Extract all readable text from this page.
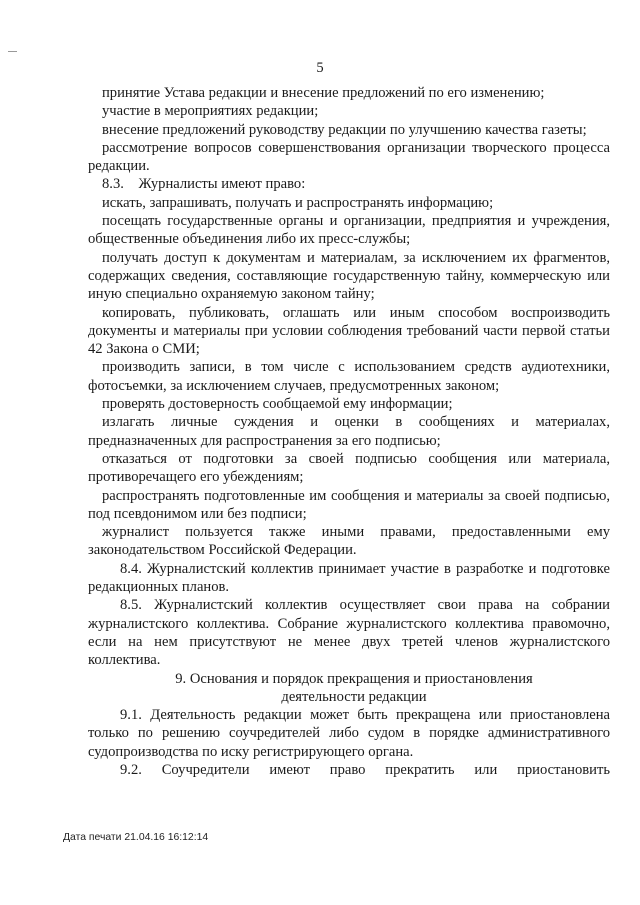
5

принятие Устава редакции и внесение предложений по его изменению;

участие в мероприятиях редакции;

внесение предложений руководству редакции по улучшению качества газеты;

рассмотрение вопросов совершенствования организации творческого процесса редакции.

8.3.    Журналисты имеют право:

искать, запрашивать, получать и распространять информацию;

посещать государственные органы и организации, предприятия и учреждения, общественные объединения либо их пресс-службы;

получать доступ к документам и материалам, за исключением их фрагментов, содержащих сведения, составляющие государственную тайну, коммерческую или иную специально охраняемую законом тайну;

копировать, публиковать, оглашать или иным способом воспроизводить документы и материалы при условии соблюдения требований части первой статьи 42 Закона о СМИ;

производить записи, в том числе с использованием средств аудиотехники, фотосъемки, за исключением случаев, предусмотренных законом;

проверять достоверность сообщаемой ему информации;

излагать личные суждения и оценки в сообщениях и материалах, предназначенных для распространения за его подписью;

отказаться от подготовки за своей подписью сообщения или материала, противоречащего его убеждениям;

распространять подготовленные им сообщения и материалы за своей подписью, под псевдонимом или без подписи;

журналист пользуется также иными правами, предоставленными ему законодательством Российской Федерации.

8.4. Журналистский коллектив принимает участие в разработке и подготовке редакционных планов.

8.5. Журналистский коллектив осуществляет свои права на собрании журналистского коллектива. Собрание журналистского коллектива правомочно, если на нем присутствуют не менее двух третей членов журналистского коллектива.

9. Основания и порядок прекращения и приостановления
деятельности редакции

9.1. Деятельность редакции может быть прекращена или приостановлена только по решению соучредителей либо судом в порядке административного судопроизводства по иску регистрирующего органа.

9.2. Соучредители имеют право прекратить или приостановить

Дата печати 21.04.16 16:12:14
